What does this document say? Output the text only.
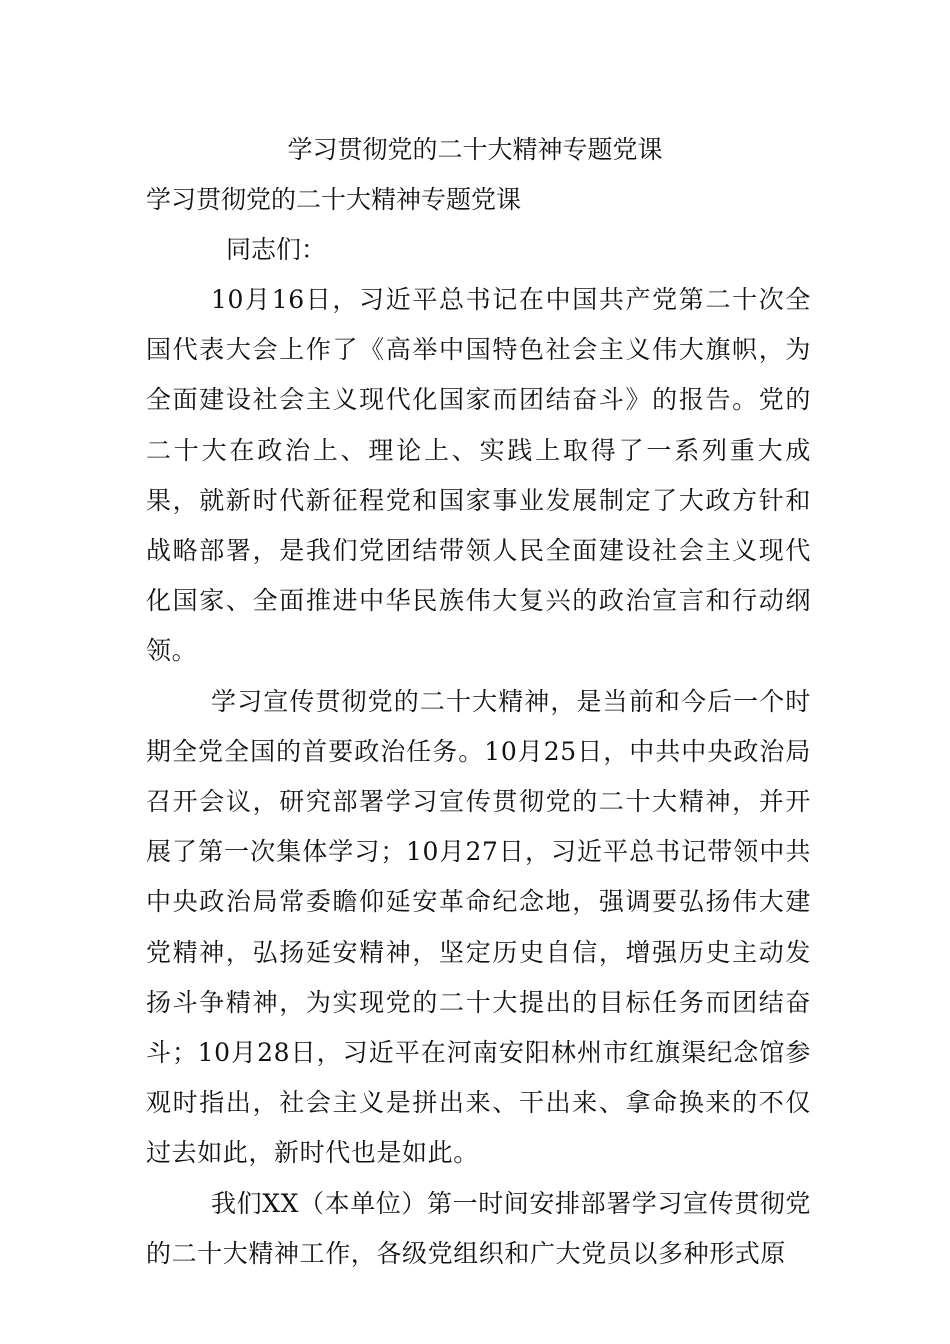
学习贯彻党的二十大精神专题党课

学习贯彻党的二十大精神专题党课

同志们：

10月16日，习近平总书记在中国共产党第二十次全国代表大会上作了《高举中国特色社会主义伟大旗帜，为全面建设社会主义现代化国家而团结奋斗》的报告。党的二十大在政治上、理论上、实践上取得了一系列重大成果，就新时代新征程党和国家事业发展制定了大政方针和战略部署，是我们党团结带领人民全面建设社会主义现代化国家、全面推进中华民族伟大复兴的政治宣言和行动纲领。

学习宣传贯彻党的二十大精神，是当前和今后一个时期全党全国的首要政治任务。10月25日，中共中央政治局召开会议，研究部署学习宣传贯彻党的二十大精神，并开展了第一次集体学习；10月27日，习近平总书记带领中共中央政治局常委瞻仰延安革命纪念地，强调要弘扬伟大建党精神，弘扬延安精神，坚定历史自信，增强历史主动发扬斗争精神，为实现党的二十大提出的目标任务而团结奋斗；10月28日，习近平在河南安阳林州市红旗渠纪念馆参观时指出，社会主义是拼出来、干出来、拿命换来的不仅过去如此，新时代也是如此。

我们XX（本单位）第一时间安排部署学习宣传贯彻党的二十大精神工作，各级党组织和广大党员以多种形式原
